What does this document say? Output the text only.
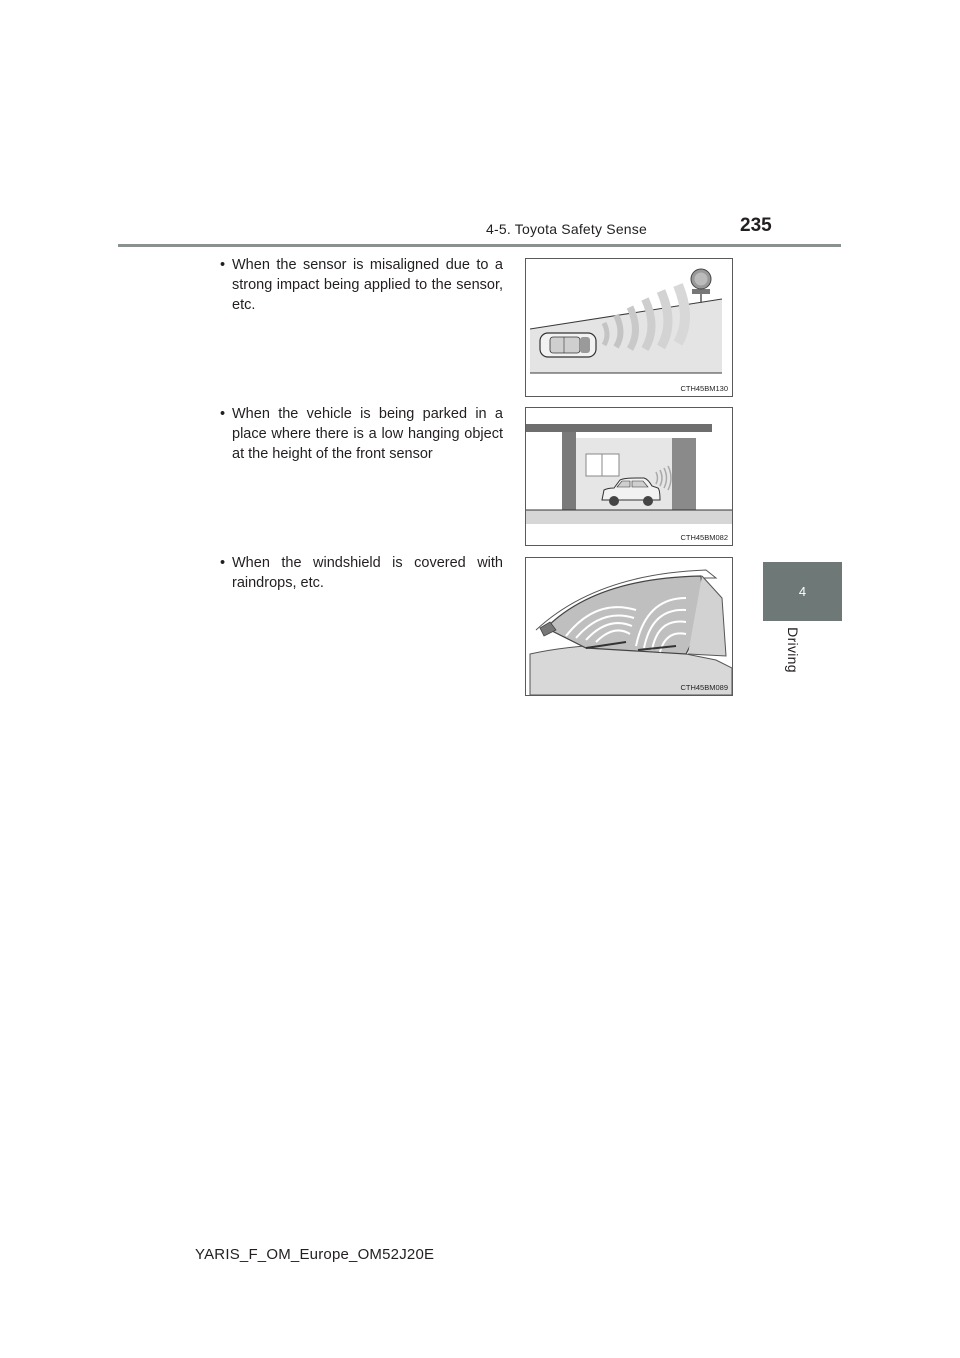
4-5. Toyota Safety Sense	235
4
Driving
• When the sensor is misaligned due to a strong impact being applied to the sensor, etc.
CTH45BM130
• When the vehicle is being parked in a place where there is a low hanging object at the height of the front sensor
CTH45BM082
• When the windshield is covered with raindrops, etc.
CTH45BM089
YARIS_F_OM_Europe_OM52J20E
